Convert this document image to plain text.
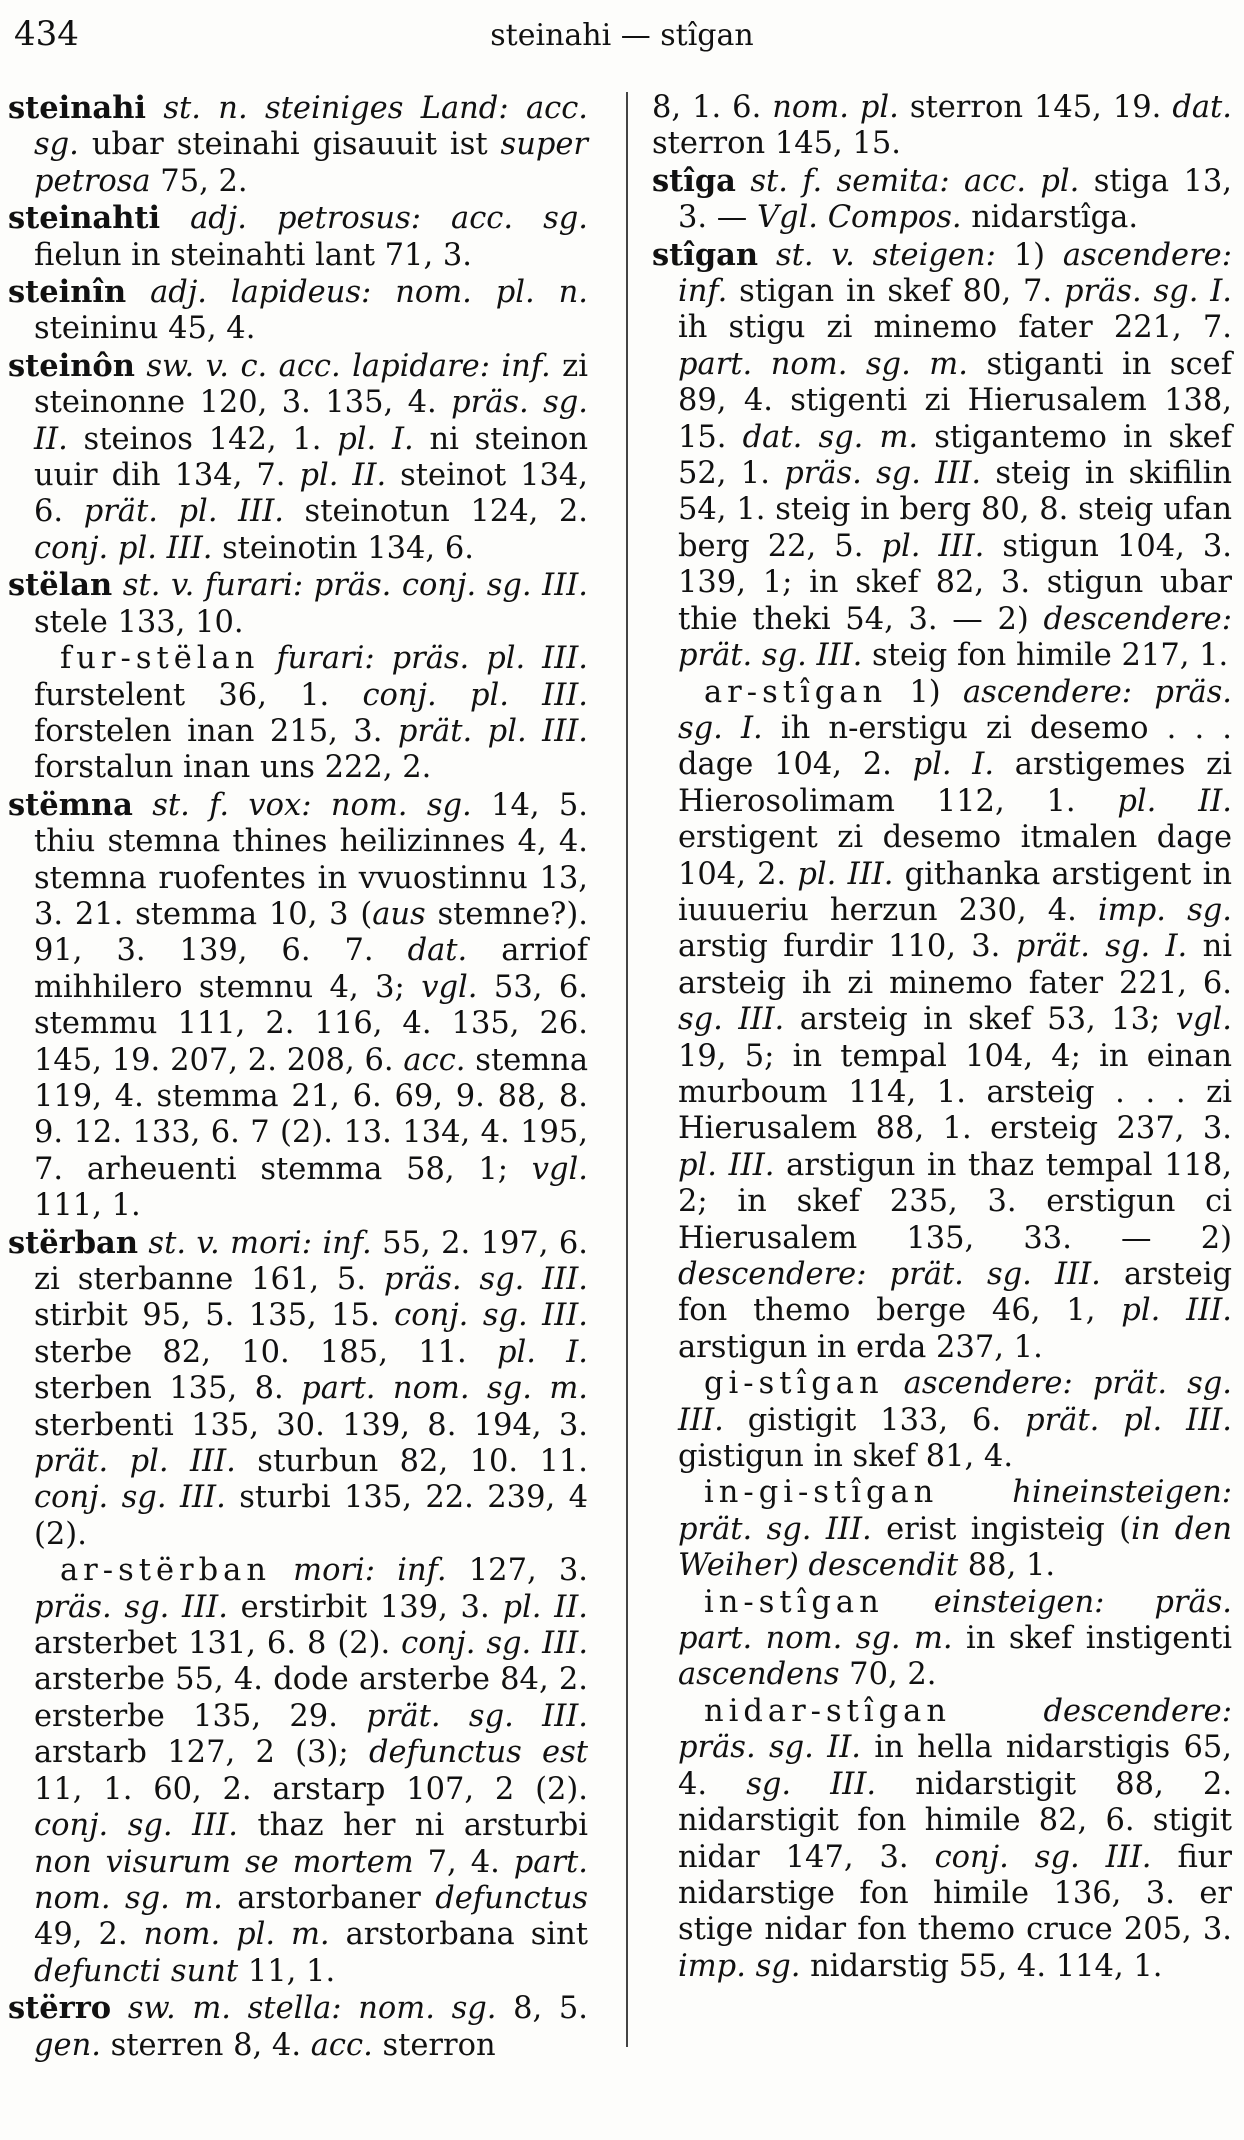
434	steinahi — stîgan

steinahi st. n. steiniges Land: acc. sg. ubar steinahi gisauuit ist super petrosa 75, 2.

steinahti adj. petrosus: acc. sg. fielun in steinahti lant 71, 3.

steinîn adj. lapideus: nom. pl. n. steininu 45, 4.

steinôn sw. v. c. acc. lapidare: inf. zi steinonne 120, 3. 135, 4. präs. sg. II. steinos 142, 1. pl. I. ni steinon uuir dih 134, 7. pl. II. steinot 134, 6. prät. pl. III. steinotun 124, 2. conj. pl. III. steinotin 134, 6.

stëlan st. v. furari: präs. conj. sg. III. stele 133, 10.

fur-stëlan furari: präs. pl. III. furstelent 36, 1. conj. pl. III. forstelen inan 215, 3. prät. pl. III. forstalun inan uns 222, 2.

stëmna st. f. vox: nom. sg. 14, 5. thiu stemna thines heilizinnes 4, 4. stemna ruofentes in vvuostinnu 13, 3. 21. stemma 10, 3 (aus stemne?). 91, 3. 139, 6. 7. dat. arriof mihhilero stemnu 4, 3; vgl. 53, 6. stemmu 111, 2. 116, 4. 135, 26. 145, 19. 207, 2. 208, 6. acc. stemna 119, 4. stemma 21, 6. 69, 9. 88, 8. 9. 12. 133, 6. 7 (2). 13. 134, 4. 195, 7. arheuenti stemma 58, 1; vgl. 111, 1.

stërban st. v. mori: inf. 55, 2. 197, 6. zi sterbanne 161, 5. präs. sg. III. stirbit 95, 5. 135, 15. conj. sg. III. sterbe 82, 10. 185, 11. pl. I. sterben 135, 8. part. nom. sg. m. sterbenti 135, 30. 139, 8. 194, 3. prät. pl. III. sturbun 82, 10. 11. conj. sg. III. sturbi 135, 22. 239, 4 (2).

ar-stërban mori: inf. 127, 3. präs. sg. III. erstirbit 139, 3. pl. II. arsterbet 131, 6. 8 (2). conj. sg. III. arsterbe 55, 4. dode arsterbe 84, 2. ersterbe 135, 29. prät. sg. III. arstarb 127, 2 (3); defunctus est 11, 1. 60, 2. arstarp 107, 2 (2). conj. sg. III. thaz her ni arsturbi non visurum se mortem 7, 4. part. nom. sg. m. arstorbaner defunctus 49, 2. nom. pl. m. arstorbana sint defuncti sunt 11, 1.

stërro sw. m. stella: nom. sg. 8, 5. gen. sterren 8, 4. acc. sterron

8, 1. 6. nom. pl. sterron 145, 19. dat. sterron 145, 15.

stîga st. f. semita: acc. pl. stiga 13, 3. — Vgl. Compos. nidarstîga.

stîgan st. v. steigen: 1) ascendere: inf. stigan in skef 80, 7. präs. sg. I. ih stigu zi minemo fater 221, 7. part. nom. sg. m. stiganti in scef 89, 4. stigenti zi Hierusalem 138, 15. dat. sg. m. stigantemo in skef 52, 1. präs. sg. III. steig in skifilin 54, 1. steig in berg 80, 8. steig ufan berg 22, 5. pl. III. stigun 104, 3. 139, 1; in skef 82, 3. stigun ubar thie theki 54, 3. — 2) descendere: prät. sg. III. steig fon himile 217, 1.

ar-stîgan 1) ascendere: präs. sg. I. ih n-erstigu zi desemo . . . dage 104, 2. pl. I. arstigemes zi Hierosolimam 112, 1. pl. II. erstigent zi desemo itmalen dage 104, 2. pl. III. githanka arstigent in iuuueriu herzun 230, 4. imp. sg. arstig furdir 110, 3. prät. sg. I. ni arsteig ih zi minemo fater 221, 6. sg. III. arsteig in skef 53, 13; vgl. 19, 5; in tempal 104, 4; in einan murboum 114, 1. arsteig . . . zi Hierusalem 88, 1. ersteig 237, 3. pl. III. arstigun in thaz tempal 118, 2; in skef 235, 3. erstigun ci Hierusalem 135, 33. — 2) descendere: prät. sg. III. arsteig fon themo berge 46, 1, pl. III. arstigun in erda 237, 1.

gi-stîgan ascendere: prät. sg. III. gistigit 133, 6. prät. pl. III. gistigun in skef 81, 4.

in-gi-stîgan hineinsteigen: prät. sg. III. erist ingisteig (in den Weiher) descendit 88, 1.

in-stîgan einsteigen: präs. part. nom. sg. m. in skef instigenti ascendens 70, 2.

nidar-stîgan	descendere: präs. sg. II. in hella nidarstigis 65, 4. sg. III. nidarstigit 88, 2. nidarstigit fon himile 82, 6. stigit nidar 147, 3. conj. sg. III. fiur nidarstige fon himile 136, 3. er stige nidar fon themo cruce 205, 3. imp. sg. nidarstig 55, 4. 114, 1.
